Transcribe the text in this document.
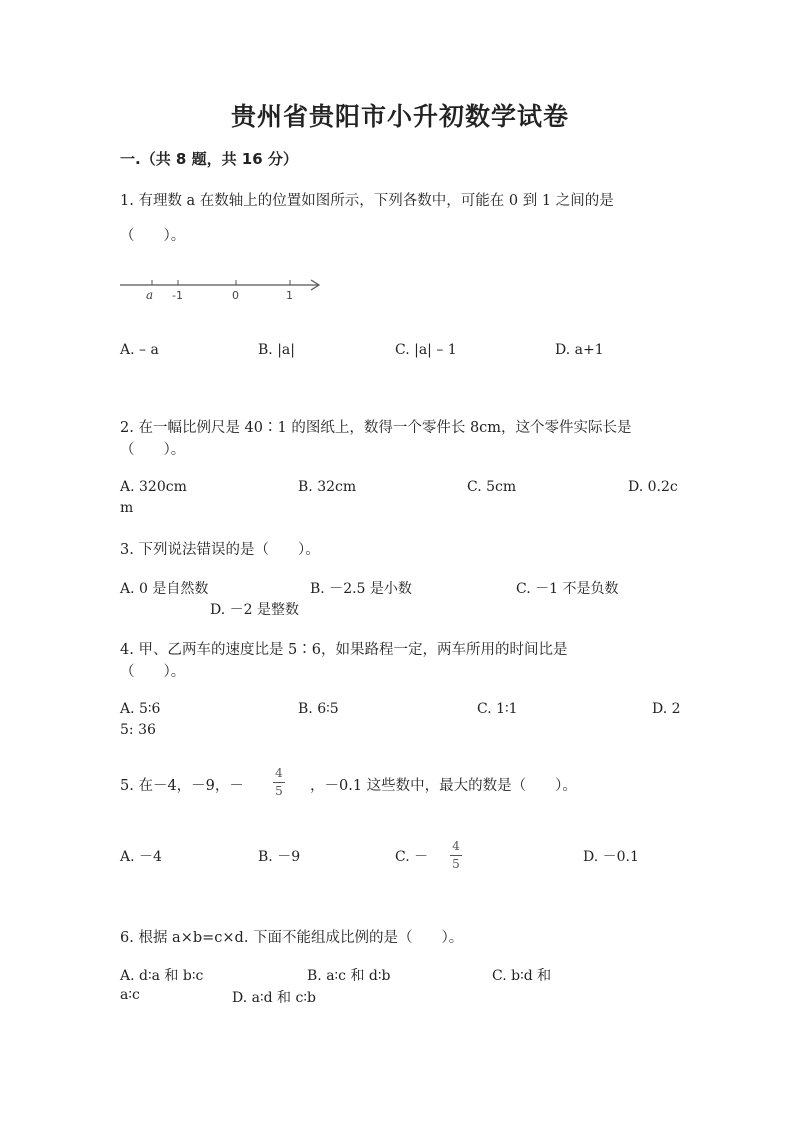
贵州省贵阳市小升初数学试卷
一.（共 8 题，共 16 分）
1. 有理数 a 在数轴上的位置如图所示，下列各数中，可能在 0 到 1 之间的是
（　　）。
a -1	0	1
A. – a	B. |a|	C. |a| – 1	D. a+1
2. 在一幅比例尺是 40∶1 的图纸上，数得一个零件长 8cm，这个零件实际长是
（　　）。
A. 320cm	B. 32cm	C. 5cm	D. 0.2c
m
3. 下列说法错误的是（　　）。
A. 0 是自然数	B. －2.5 是小数	C. －1 不是负数
D. －2 是整数
4. 甲、乙两车的速度比是 5∶6，如果路程一定，两车所用的时间比是
（　　）。
A. 5∶6	B. 6∶5	C. 1∶1	D. 2
5: 36
5. 在－4，－9，－
4
5 ，－0.1 这些数中，最大的数是（　　）。
A. －4	B. －9	C. －
4
5	D. －0.1
6. 根据 a×b=c×d. 下面不能组成比例的是（　　）。
A. d∶a 和 b∶c	B. a∶c 和 d∶b	C. b∶d 和
a∶c	D. a∶d 和 c∶b
